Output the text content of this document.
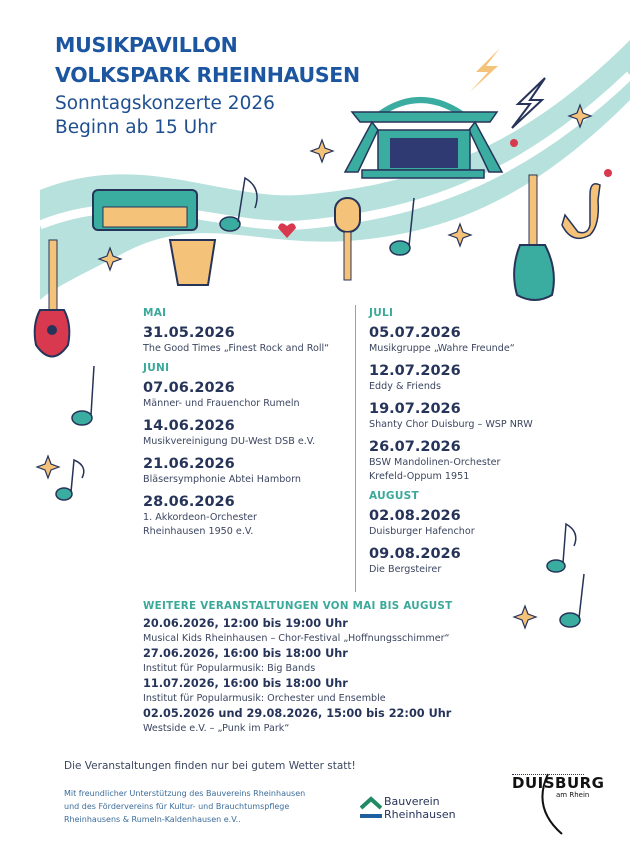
MUSIKPAVILLON
VOLKSPARK RHEINHAUSEN
Sonntagskonzerte 2026
Beginn ab 15 Uhr
MAI
31.05.2026
The Good Times „Finest Rock and Roll“
JUNI
07.06.2026
Männer- und Frauenchor Rumeln
14.06.2026
Musikvereinigung DU-West DSB e.V.
21.06.2026
Bläsersymphonie Abtei Hamborn
28.06.2026
1. Akkordeon-Orchester
Rheinhausen 1950 e.V.
JULI
05.07.2026
Musikgruppe „Wahre Freunde“
12.07.2026
Eddy & Friends
19.07.2026
Shanty Chor Duisburg – WSP NRW
26.07.2026
BSW Mandolinen-Orchester
Krefeld-Oppum 1951
AUGUST
02.08.2026
Duisburger Hafenchor
09.08.2026
Die Bergsteirer
WEITERE VERANSTALTUNGEN VON MAI BIS AUGUST
20.06.2026, 12:00 bis 19:00 Uhr
Musical Kids Rheinhausen – Chor-Festival „Hoffnungsschimmer“
27.06.2026, 16:00 bis 18:00 Uhr
Institut für Popularmusik: Big Bands
11.07.2026, 16:00 bis 18:00 Uhr
Institut für Popularmusik: Orchester und Ensemble
02.05.2026 und 29.08.2026, 15:00 bis 22:00 Uhr
Westside e.V. – „Punk im Park“
Die Veranstaltungen finden nur bei gutem Wetter statt!
Mit freundlicher Unterstützung des Bauvereins Rheinhausen
und des Fördervereins für Kultur- und Brauchtumspflege
Rheinhausens & Rumeln-Kaldenhausen e.V..
Bauverein
Rheinhausen
DUISBURG
am Rhein
